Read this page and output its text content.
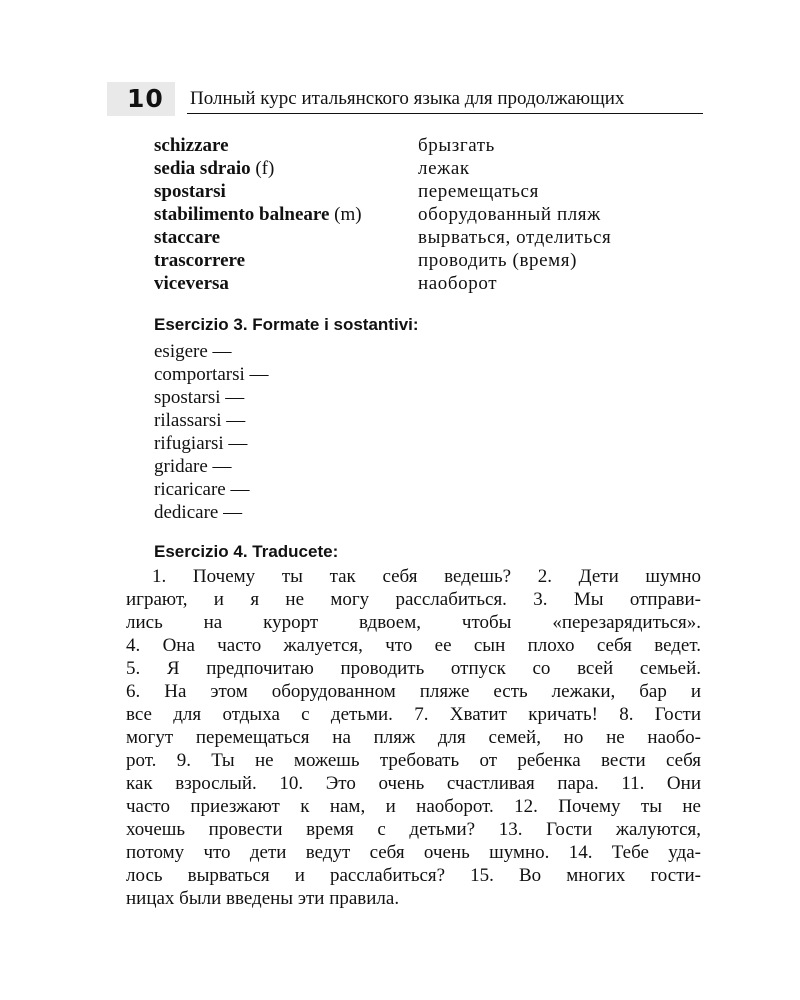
10 Полный курс итальянского языка для продолжающих
schizzare	брызгать
sedia sdraio (f)	лежак
spostarsi	перемещаться
stabilimento balneare (m)	оборудованный пляж
staccare	вырваться, отделиться
trascorrere	проводить (время)
viceversa	наоборот
Esercizio 3. Formate i sostantivi:
esigere —
comportarsi —
spostarsi —
rilassarsi —
rifugiarsi —
gridare —
ricaricare —
dedicare —
Esercizio 4. Traducete:
1. Почему ты так себя ведешь? 2. Дети шумно
играют, и я не могу расслабиться. 3. Мы отправи-
лись на курорт вдвоем, чтобы «перезарядиться».
4. Она часто жалуется, что ее сын плохо себя ведет.
5. Я предпочитаю проводить отпуск со всей семьей.
6. На этом оборудованном пляже есть лежаки, бар и
все для отдыха с детьми. 7. Хватит кричать! 8. Гости
могут перемещаться на пляж для семей, но не наобо-
рот. 9. Ты не можешь требовать от ребенка вести себя
как взрослый. 10. Это очень счастливая пара. 11. Они
часто приезжают к нам, и наоборот. 12. Почему ты не
хочешь провести время с детьми? 13. Гости жалуются,
потому что дети ведут себя очень шумно. 14. Тебе уда-
лось вырваться и расслабиться? 15. Во многих гости-
ницах были введены эти правила.
